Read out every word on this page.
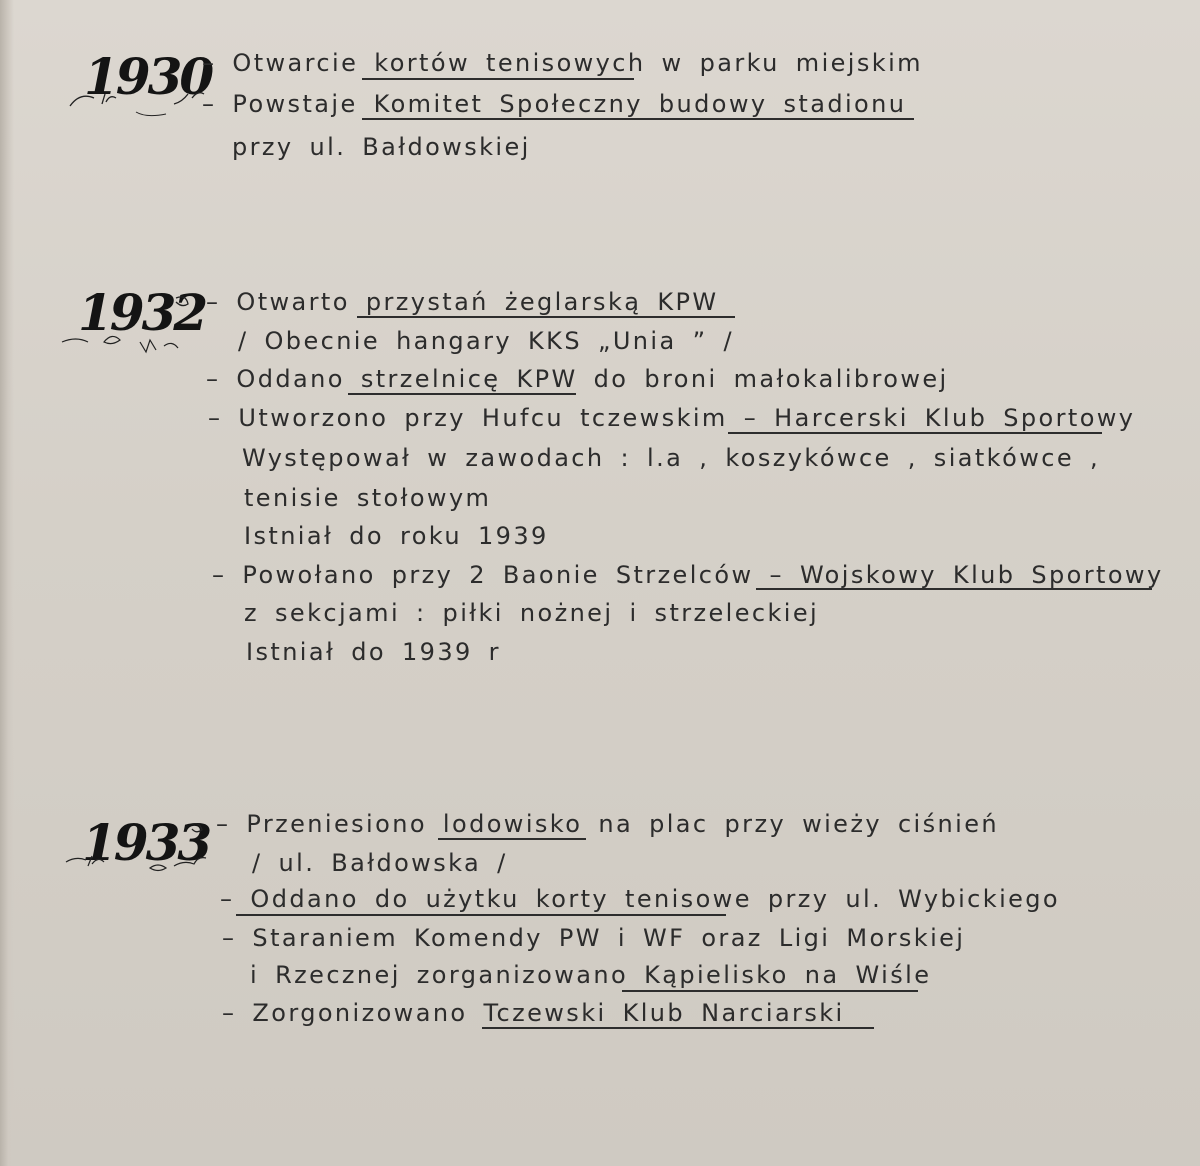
1930
– Otwarcie kortów tenisowych w parku miejskim
– Powstaje Komitet Społeczny budowy stadionu
przy ul. Bałdowskiej
1932 – Otwarto przystań żeglarską KPW
/ Obecnie hangary KKS „Unia ” /
– Oddano strzelnicę KPW do broni małokalibrowej
– Utworzono przy Hufcu tczewskim – Harcerski Klub Sportowy
Występował w zawodach : l.a , koszykówce , siatkówce ,
tenisie stołowym
Istniał do roku 1939
– Powołano przy 2 Baonie Strzelców – Wojskowy Klub Sportowy
z sekcjami : piłki nożnej i strzeleckiej
Istniał do 1939 r
1933 – Przeniesiono lodowisko na plac przy wieży ciśnień
/ ul. Bałdowska /
– Oddano do użytku korty tenisowe przy ul. Wybickiego
– Staraniem Komendy PW i WF oraz Ligi Morskiej
i Rzecznej zorganizowano Kąpielisko na Wiśle
– Zorgonizowano Tczewski Klub Narciarski
